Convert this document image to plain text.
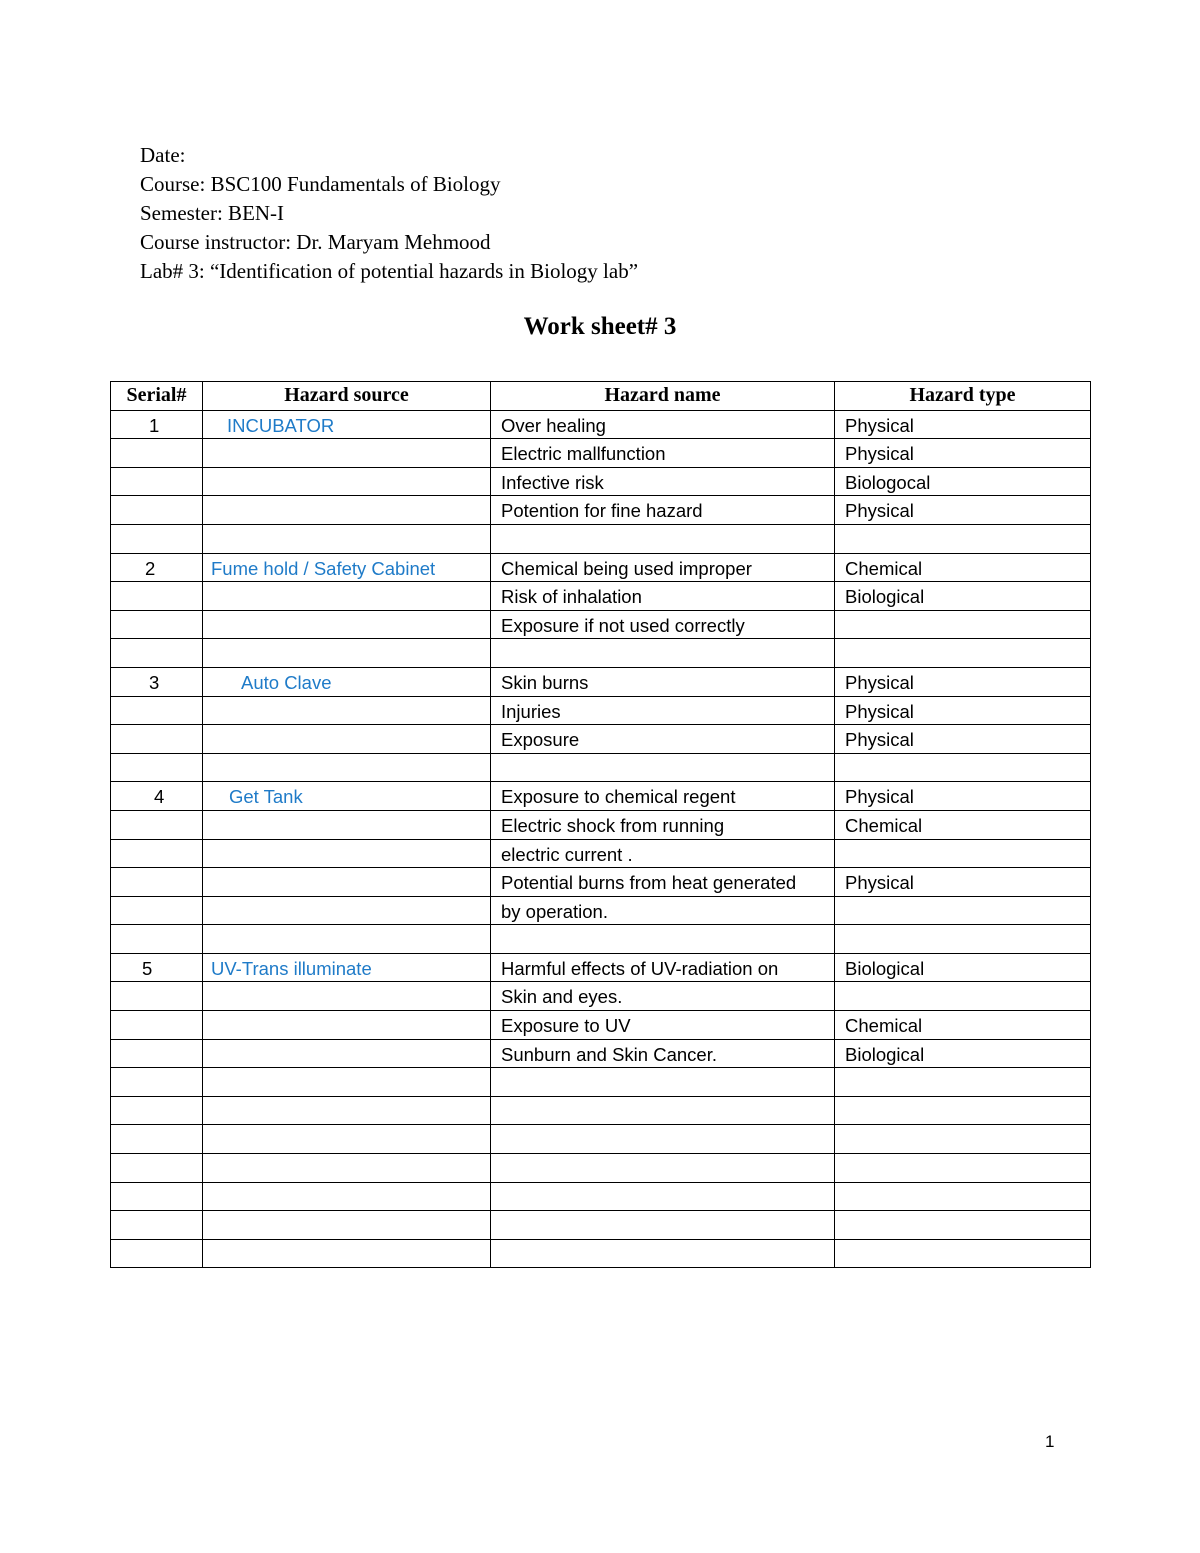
Date:
Course: BSC100 Fundamentals of Biology
Semester: BEN-I
Course instructor: Dr. Maryam Mehmood
Lab# 3: “Identification of potential hazards in Biology lab”
Work sheet# 3
Serial#	Hazard source	Hazard name	Hazard type

1	INCUBATOR	Over healing	Physical

		Electric mallfunction	Physical

		Infective risk	Biologocal

		Potention for fine hazard	Physical

2	Fume hold / Safety Cabinet	Chemical being used improper	Chemical

		Risk of inhalation	Biological

		Exposure if not used correctly	

3	Auto Clave	Skin burns	Physical

		Injuries	Physical

		Exposure	Physical

4	Get Tank	Exposure to chemical regent	Physical

		Electric shock from running	Chemical

		electric current .	

		Potential burns from heat generated	Physical

		by operation.	

5	UV-Trans illuminate	Harmful effects of UV-radiation on	Biological

		Skin and eyes.	

		Exposure to UV	Chemical

		Sunburn and Skin Cancer.	Biological

1
